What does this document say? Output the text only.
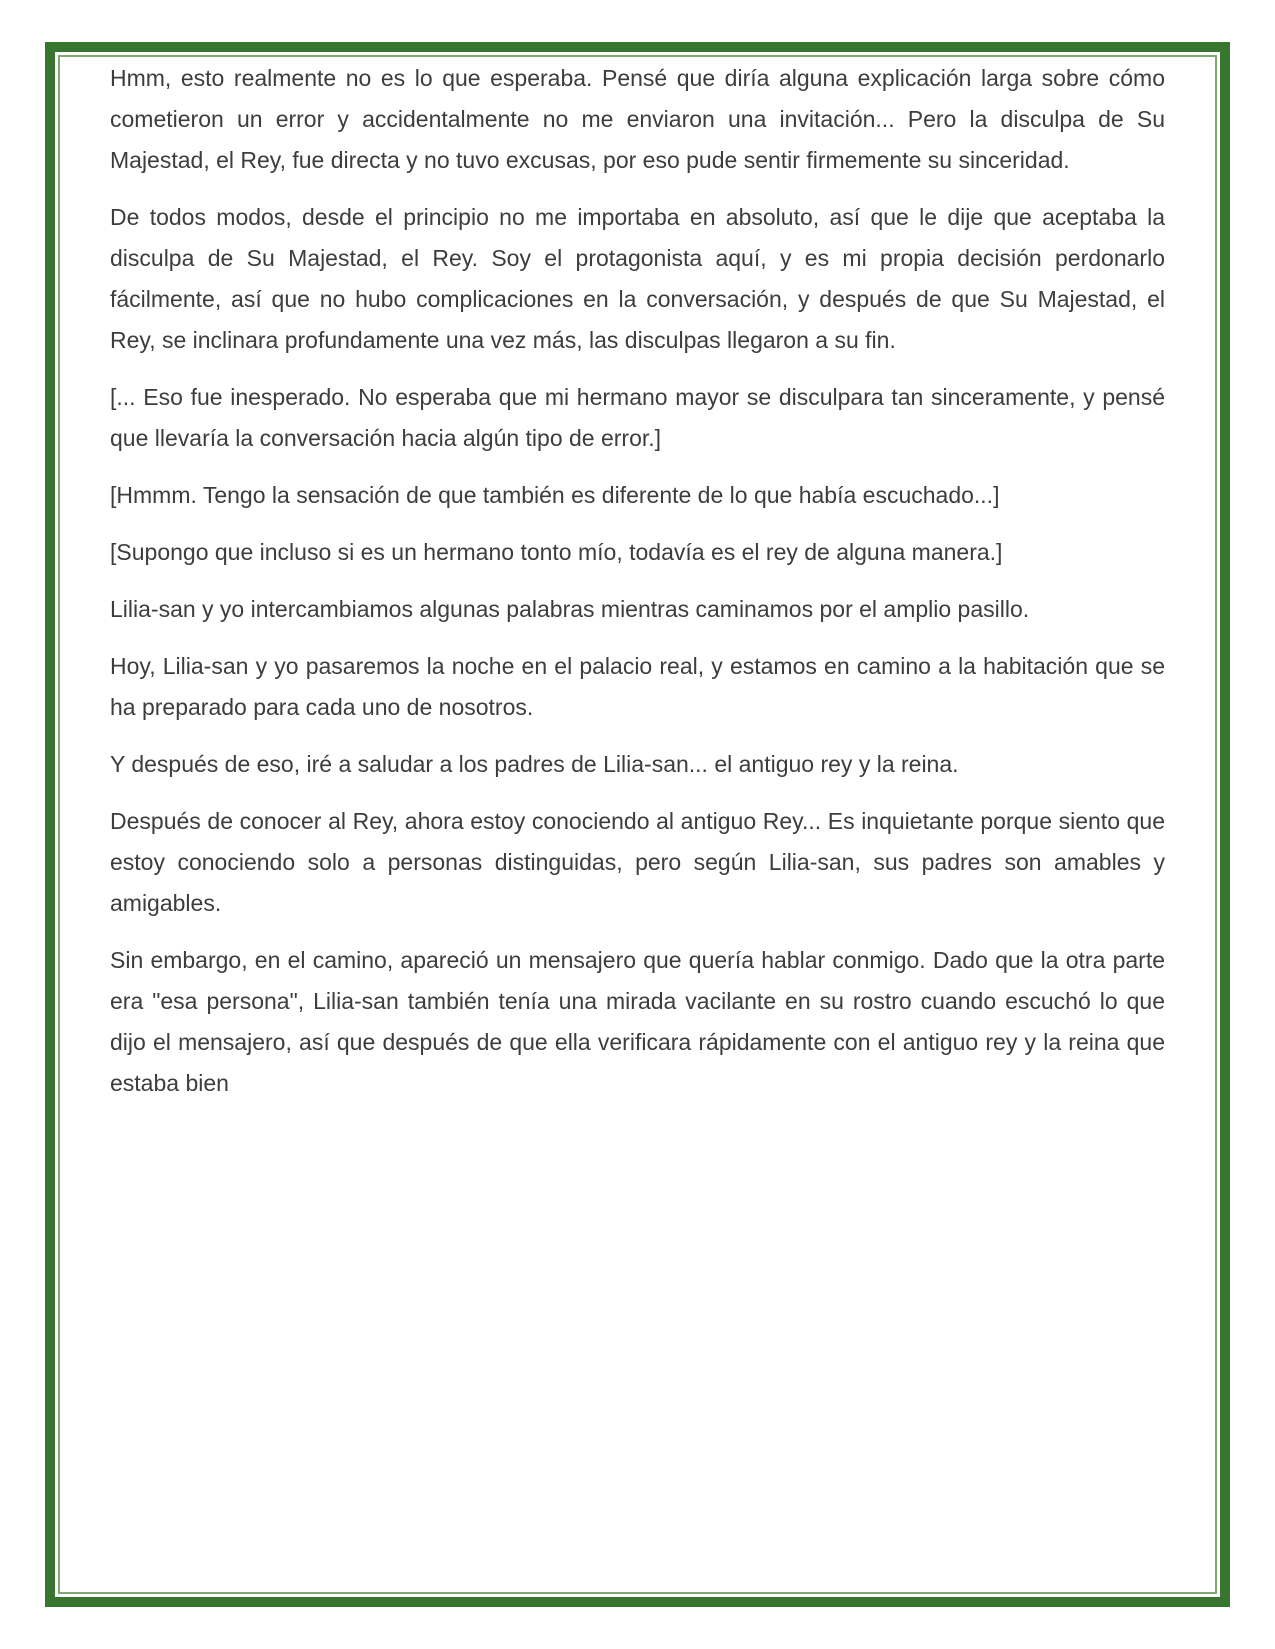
Hmm, esto realmente no es lo que esperaba. Pensé que diría alguna explicación larga sobre cómo cometieron un error y accidentalmente no me enviaron una invitación... Pero la disculpa de Su Majestad, el Rey, fue directa y no tuvo excusas, por eso pude sentir firmemente su sinceridad.

De todos modos, desde el principio no me importaba en absoluto, así que le dije que aceptaba la disculpa de Su Majestad, el Rey. Soy el protagonista aquí, y es mi propia decisión perdonarlo fácilmente, así que no hubo complicaciones en la conversación, y después de que Su Majestad, el Rey, se inclinara profundamente una vez más, las disculpas llegaron a su fin.

[... Eso fue inesperado. No esperaba que mi hermano mayor se disculpara tan sinceramente, y pensé que llevaría la conversación hacia algún tipo de error.]

[Hmmm. Tengo la sensación de que también es diferente de lo que había escuchado...]

[Supongo que incluso si es un hermano tonto mío, todavía es el rey de alguna manera.]

Lilia-san y yo intercambiamos algunas palabras mientras caminamos por el amplio pasillo.

Hoy, Lilia-san y yo pasaremos la noche en el palacio real, y estamos en camino a la habitación que se ha preparado para cada uno de nosotros.

Y después de eso, iré a saludar a los padres de Lilia-san... el antiguo rey y la reina.

Después de conocer al Rey, ahora estoy conociendo al antiguo Rey... Es inquietante porque siento que estoy conociendo solo a personas distinguidas, pero según Lilia-san, sus padres son amables y amigables.

Sin embargo, en el camino, apareció un mensajero que quería hablar conmigo. Dado que la otra parte era "esa persona", Lilia-san también tenía una mirada vacilante en su rostro cuando escuchó lo que dijo el mensajero, así que después de que ella verificara rápidamente con el antiguo rey y la reina que estaba bien
